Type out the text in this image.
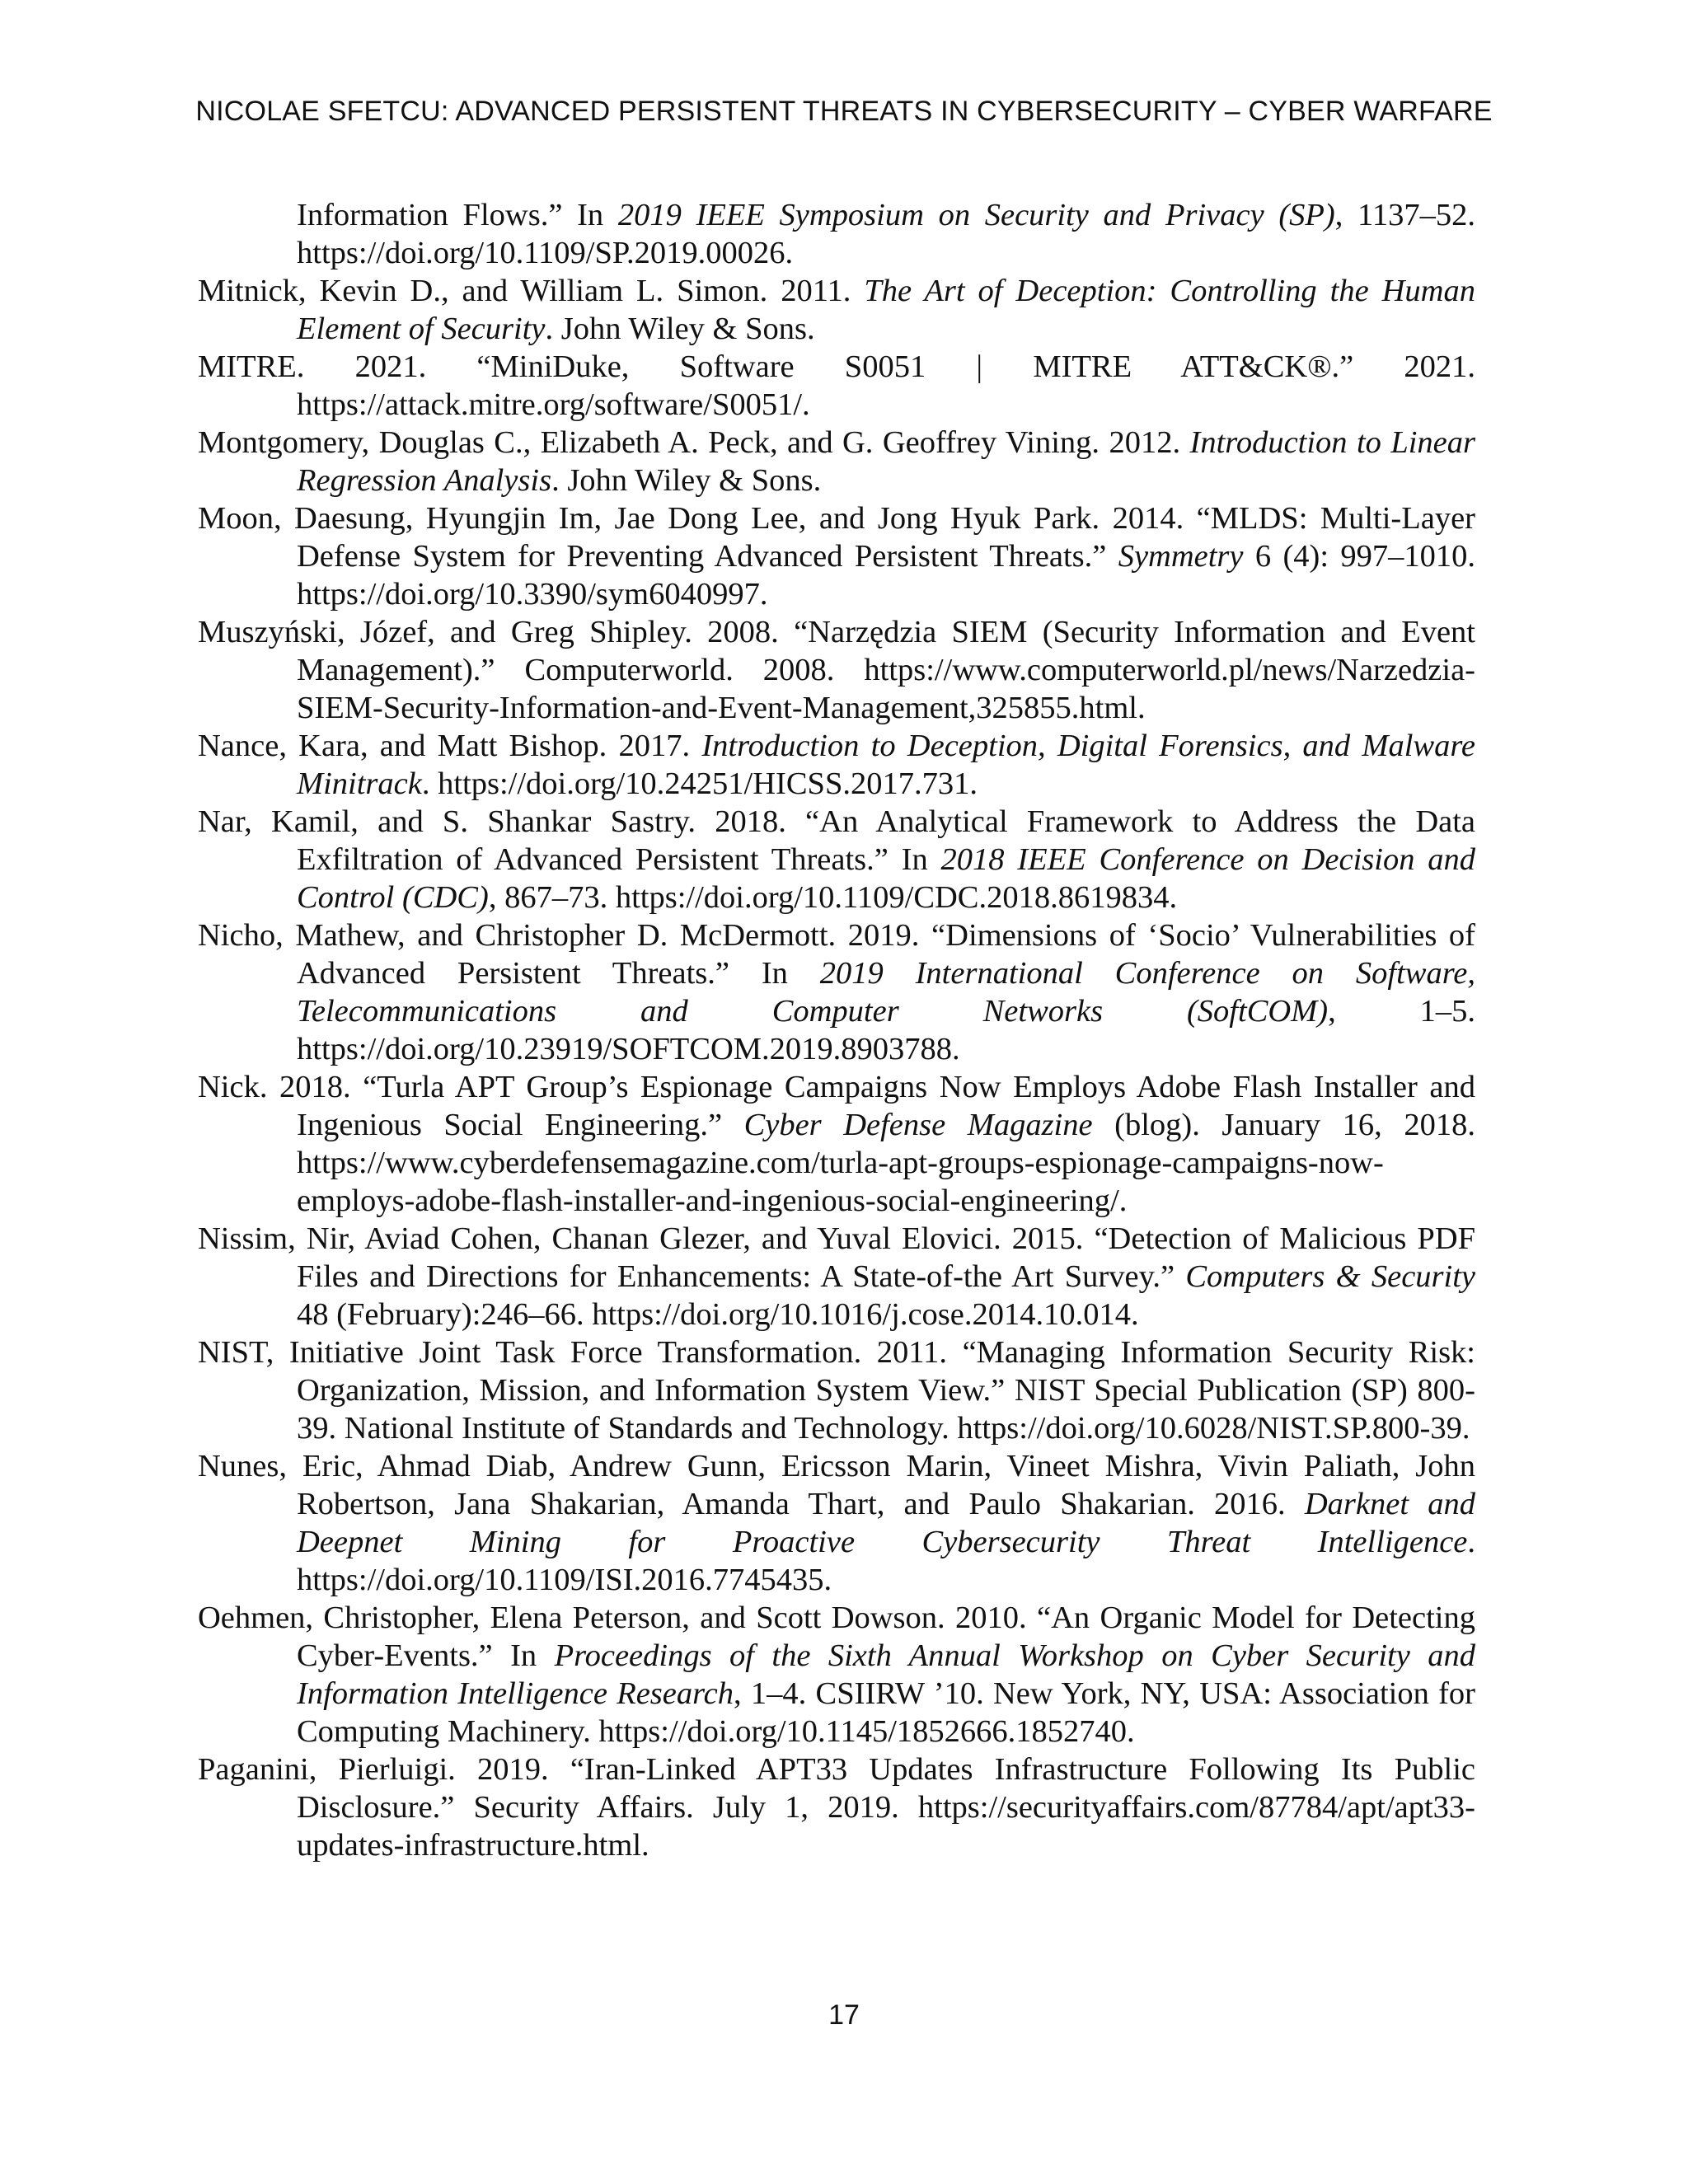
NICOLAE SFETCU: ADVANCED PERSISTENT THREATS IN CYBERSECURITY – CYBER WARFARE

Information Flows.” In 2019 IEEE Symposium on Security and Privacy (SP), 1137–52. https://doi.org/10.1109/SP.2019.00026.

Mitnick, Kevin D., and William L. Simon. 2011. The Art of Deception: Controlling the Human Element of Security. John Wiley & Sons.

MITRE. 2021. “MiniDuke, Software S0051 | MITRE ATT&CK®.” 2021. https://attack.mitre.org/software/S0051/.

Montgomery, Douglas C., Elizabeth A. Peck, and G. Geoffrey Vining. 2012. Introduction to Linear Regression Analysis. John Wiley & Sons.

Moon, Daesung, Hyungjin Im, Jae Dong Lee, and Jong Hyuk Park. 2014. “MLDS: Multi-Layer Defense System for Preventing Advanced Persistent Threats.” Symmetry 6 (4): 997–1010. https://doi.org/10.3390/sym6040997.

Muszyński, Józef, and Greg Shipley. 2008. “Narzędzia SIEM (Security Information and Event Management).” Computerworld. 2008. https://www.computerworld.pl/news/Narzedzia-SIEM-Security-Information-and-Event-Management,325855.html.

Nance, Kara, and Matt Bishop. 2017. Introduction to Deception, Digital Forensics, and Malware Minitrack. https://doi.org/10.24251/HICSS.2017.731.

Nar, Kamil, and S. Shankar Sastry. 2018. “An Analytical Framework to Address the Data Exfiltration of Advanced Persistent Threats.” In 2018 IEEE Conference on Decision and Control (CDC), 867–73. https://doi.org/10.1109/CDC.2018.8619834.

Nicho, Mathew, and Christopher D. McDermott. 2019. “Dimensions of ‘Socio’ Vulnerabilities of Advanced Persistent Threats.” In 2019 International Conference on Software, Telecommunications and Computer Networks (SoftCOM), 1–5. https://doi.org/10.23919/SOFTCOM.2019.8903788.

Nick. 2018. “Turla APT Group’s Espionage Campaigns Now Employs Adobe Flash Installer and Ingenious Social Engineering.” Cyber Defense Magazine (blog). January 16, 2018. https://www.cyberdefensemagazine.com/turla-apt-groups-espionage-campaigns-now-employs-adobe-flash-installer-and-ingenious-social-engineering/.

Nissim, Nir, Aviad Cohen, Chanan Glezer, and Yuval Elovici. 2015. “Detection of Malicious PDF Files and Directions for Enhancements: A State-of-the Art Survey.” Computers & Security 48 (February):246–66. https://doi.org/10.1016/j.cose.2014.10.014.

NIST, Initiative Joint Task Force Transformation. 2011. “Managing Information Security Risk: Organization, Mission, and Information System View.” NIST Special Publication (SP) 800-39. National Institute of Standards and Technology. https://doi.org/10.6028/NIST.SP.800-39.

Nunes, Eric, Ahmad Diab, Andrew Gunn, Ericsson Marin, Vineet Mishra, Vivin Paliath, John Robertson, Jana Shakarian, Amanda Thart, and Paulo Shakarian. 2016. Darknet and Deepnet Mining for Proactive Cybersecurity Threat Intelligence. https://doi.org/10.1109/ISI.2016.7745435.

Oehmen, Christopher, Elena Peterson, and Scott Dowson. 2010. “An Organic Model for Detecting Cyber-Events.” In Proceedings of the Sixth Annual Workshop on Cyber Security and Information Intelligence Research, 1–4. CSIIRW ’10. New York, NY, USA: Association for Computing Machinery. https://doi.org/10.1145/1852666.1852740.

Paganini, Pierluigi. 2019. “Iran-Linked APT33 Updates Infrastructure Following Its Public Disclosure.” Security Affairs. July 1, 2019. https://securityaffairs.com/87784/apt/apt33-updates-infrastructure.html.

17
